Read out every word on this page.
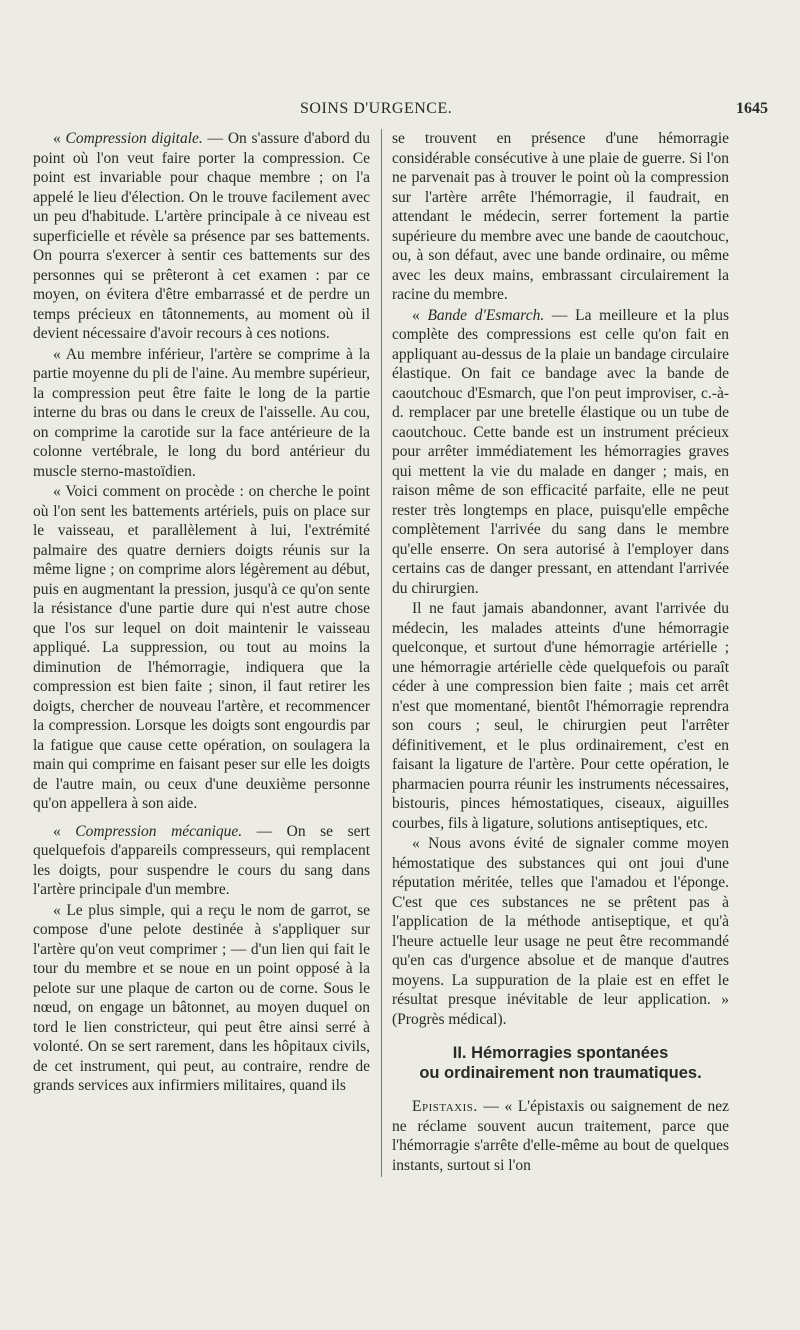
SOINS D'URGENCE.	1645

« Compression digitale. — On s'assure d'abord du point où l'on veut faire porter la compression. Ce point est invariable pour chaque membre ; on l'a appelé le lieu d'élection. On le trouve facilement avec un peu d'habitude. L'artère principale à ce niveau est superficielle et révèle sa présence par ses battements. On pourra s'exercer à sentir ces battements sur des personnes qui se prêteront à cet examen : par ce moyen, on évitera d'être embarrassé et de perdre un temps précieux en tâtonnements, au moment où il devient nécessaire d'avoir recours à ces notions.

« Au membre inférieur, l'artère se comprime à la partie moyenne du pli de l'aine. Au membre supérieur, la compression peut être faite le long de la partie interne du bras ou dans le creux de l'aisselle. Au cou, on comprime la carotide sur la face antérieure de la colonne vertébrale, le long du bord antérieur du muscle sterno-mastoïdien.

« Voici comment on procède : on cherche le point où l'on sent les battements artériels, puis on place sur le vaisseau, et parallèlement à lui, l'extrémité palmaire des quatre derniers doigts réunis sur la même ligne ; on comprime alors légèrement au début, puis en augmentant la pression, jusqu'à ce qu'on sente la résistance d'une partie dure qui n'est autre chose que l'os sur lequel on doit maintenir le vaisseau appliqué. La suppression, ou tout au moins la diminution de l'hémorragie, indiquera que la compression est bien faite ; sinon, il faut retirer les doigts, chercher de nouveau l'artère, et recommencer la compression. Lorsque les doigts sont engourdis par la fatigue que cause cette opération, on soulagera la main qui comprime en faisant peser sur elle les doigts de l'autre main, ou ceux d'une deuxième personne qu'on appellera à son aide.

« Compression mécanique. — On se sert quelquefois d'appareils compresseurs, qui remplacent les doigts, pour suspendre le cours du sang dans l'artère principale d'un membre.

« Le plus simple, qui a reçu le nom de garrot, se compose d'une pelote destinée à s'appliquer sur l'artère qu'on veut comprimer ; — d'un lien qui fait le tour du membre et se noue en un point opposé à la pelote sur une plaque de carton ou de corne. Sous le nœud, on engage un bâtonnet, au moyen duquel on tord le lien constricteur, qui peut être ainsi serré à volonté. On se sert rarement, dans les hôpitaux civils, de cet instrument, qui peut, au contraire, rendre de grands services aux infirmiers militaires, quand ils

se trouvent en présence d'une hémorragie considérable consécutive à une plaie de guerre. Si l'on ne parvenait pas à trouver le point où la compression sur l'artère arrête l'hémorragie, il faudrait, en attendant le médecin, serrer fortement la partie supérieure du membre avec une bande de caoutchouc, ou, à son défaut, avec une bande ordinaire, ou même avec les deux mains, embrassant circulairement la racine du membre.

« Bande d'Esmarch. — La meilleure et la plus complète des compressions est celle qu'on fait en appliquant au-dessus de la plaie un bandage circulaire élastique. On fait ce bandage avec la bande de caoutchouc d'Esmarch, que l'on peut improviser, c.-à-d. remplacer par une bretelle élastique ou un tube de caoutchouc. Cette bande est un instrument précieux pour arrêter immédiatement les hémorragies graves qui mettent la vie du malade en danger ; mais, en raison même de son efficacité parfaite, elle ne peut rester très longtemps en place, puisqu'elle empêche complètement l'arrivée du sang dans le membre qu'elle enserre. On sera autorisé à l'employer dans certains cas de danger pressant, en attendant l'arrivée du chirurgien.

Il ne faut jamais abandonner, avant l'arrivée du médecin, les malades atteints d'une hémorragie quelconque, et surtout d'une hémorragie artérielle ; une hémorragie artérielle cède quelquefois ou paraît céder à une compression bien faite ; mais cet arrêt n'est que momentané, bientôt l'hémorragie reprendra son cours ; seul, le chirurgien peut l'arrêter définitivement, et le plus ordinairement, c'est en faisant la ligature de l'artère. Pour cette opération, le pharmacien pourra réunir les instruments nécessaires, bistouris, pinces hémostatiques, ciseaux, aiguilles courbes, fils à ligature, solutions antiseptiques, etc.

« Nous avons évité de signaler comme moyen hémostatique des substances qui ont joui d'une réputation méritée, telles que l'amadou et l'éponge. C'est que ces substances ne se prêtent pas à l'application de la méthode antiseptique, et qu'à l'heure actuelle leur usage ne peut être recommandé qu'en cas d'urgence absolue et de manque d'autres moyens. La suppuration de la plaie est en effet le résultat presque inévitable de leur application. » (Progrès médical).

II. Hémorragies spontanées
ou ordinairement non traumatiques.

Epistaxis. — « L'épistaxis ou saignement de nez ne réclame souvent aucun traitement, parce que l'hémorragie s'arrête d'elle-même au bout de quelques instants, surtout si l'on
